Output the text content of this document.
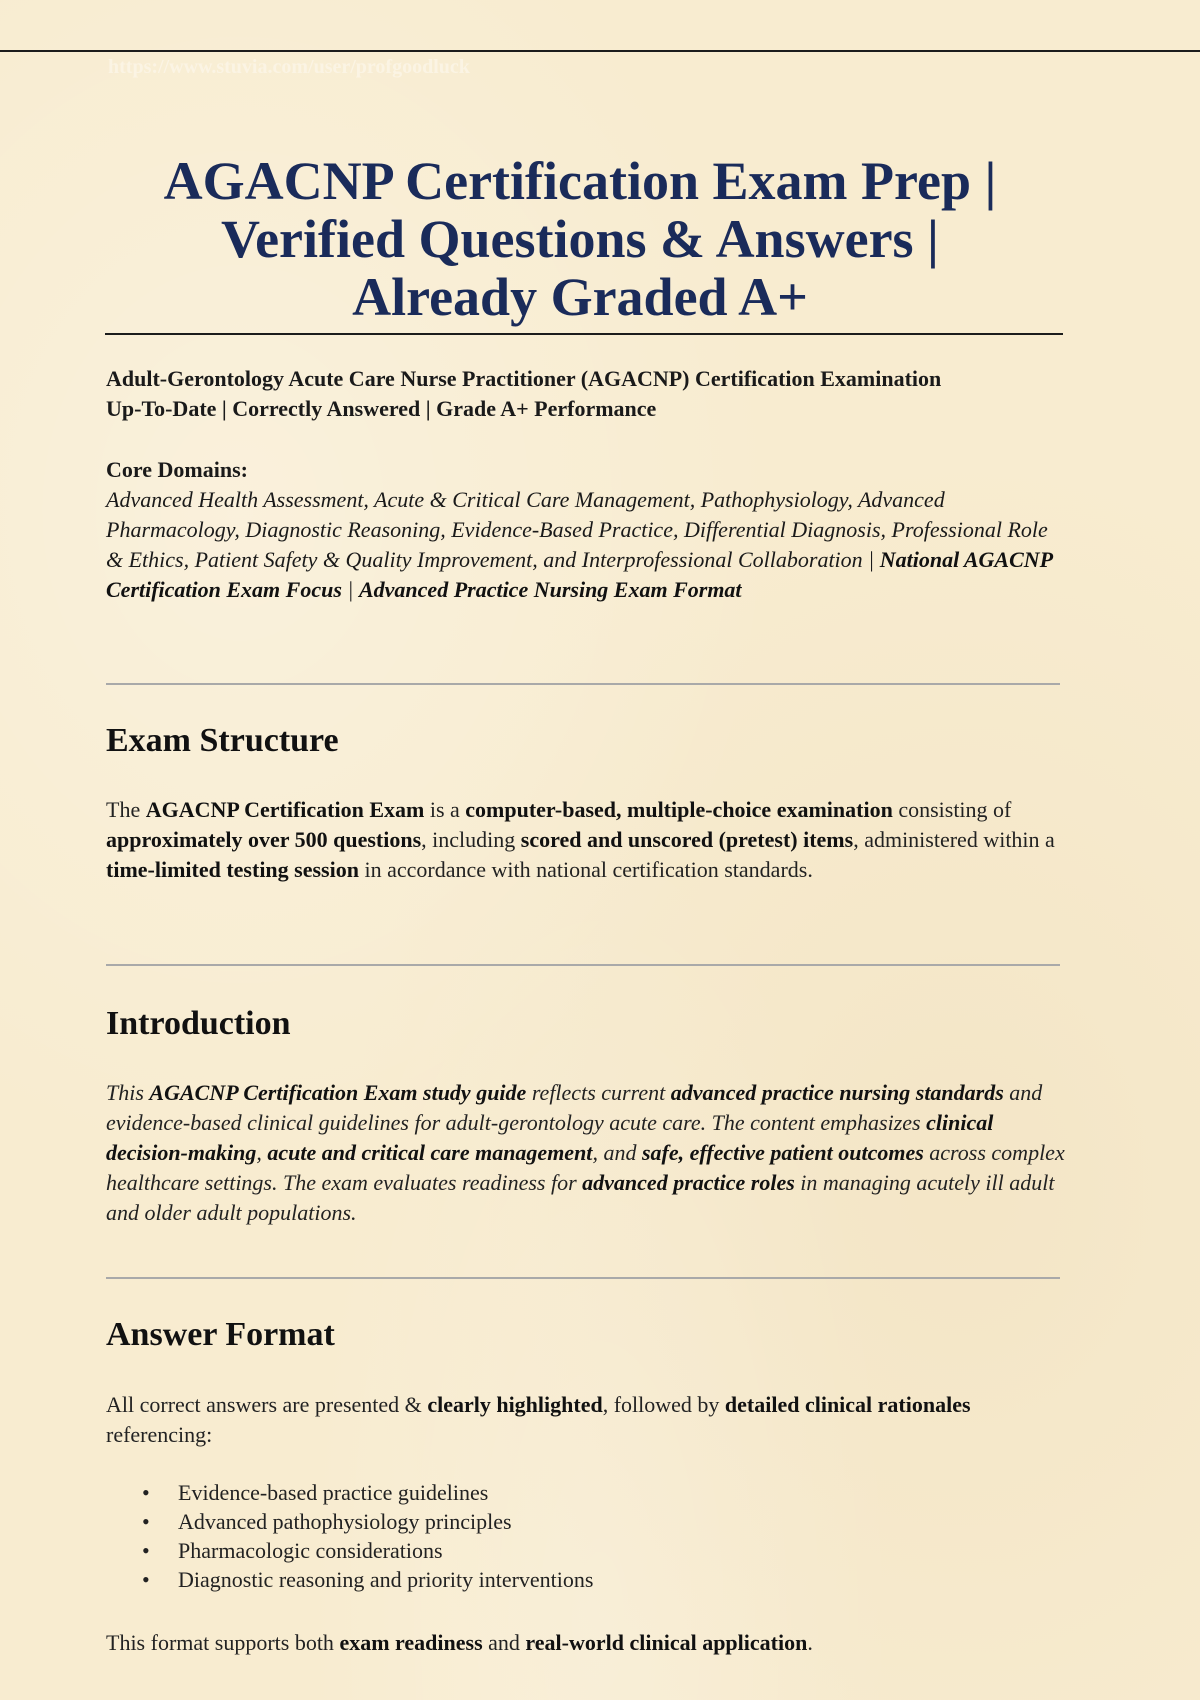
https://www.stuvia.com/user/profgoodluck
AGACNP Certification Exam Prep |
Verified Questions & Answers |
Already Graded A+

Adult-Gerontology Acute Care Nurse Practitioner (AGACNP) Certification Examination
Up-To-Date | Correctly Answered | Grade A+ Performance

Core Domains:
Advanced Health Assessment, Acute & Critical Care Management, Pathophysiology, Advanced Pharmacology, Diagnostic Reasoning, Evidence-Based Practice, Differential Diagnosis, Professional Role & Ethics, Patient Safety & Quality Improvement, and Interprofessional Collaboration | National AGACNP Certification Exam Focus | Advanced Practice Nursing Exam Format
Exam Structure

The AGACNP Certification Exam is a computer-based, multiple-choice examination consisting of approximately over 500 questions, including scored and unscored (pretest) items, administered within a time-limited testing session in accordance with national certification standards.

Introduction

This AGACNP Certification Exam study guide reflects current advanced practice nursing standards and evidence-based clinical guidelines for adult-gerontology acute care. The content emphasizes clinical decision-making, acute and critical care management, and safe, effective patient outcomes across complex healthcare settings. The exam evaluates readiness for advanced practice roles in managing acutely ill adult and older adult populations.

Answer Format

All correct answers are presented & clearly highlighted, followed by detailed clinical rationales referencing:

• Evidence-based practice guidelines
• Advanced pathophysiology principles
• Pharmacologic considerations
• Diagnostic reasoning and priority interventions

This format supports both exam readiness and real-world clinical application.
